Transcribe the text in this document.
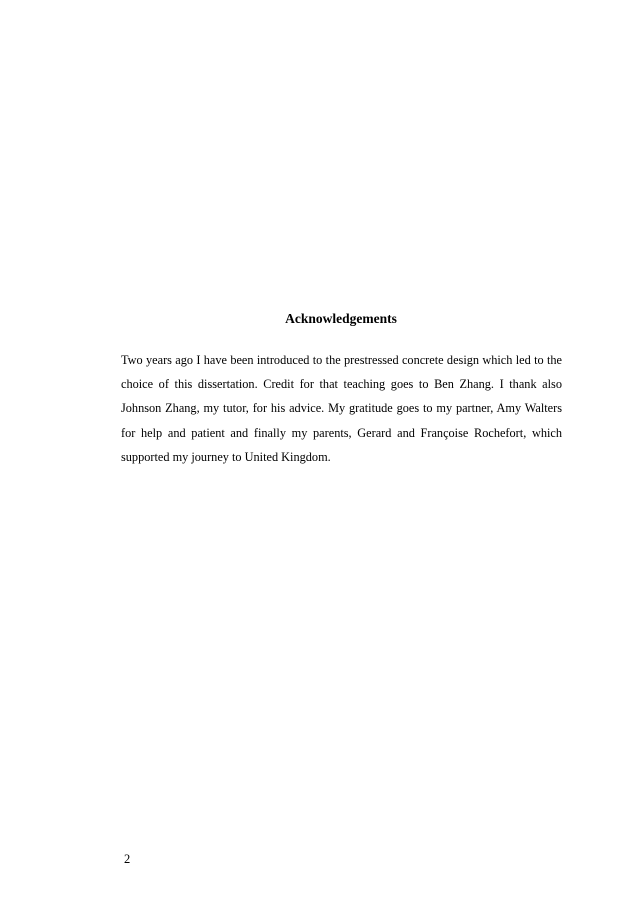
Acknowledgements

Two years ago I have been introduced to the prestressed concrete design which led to the choice of this dissertation. Credit for that teaching goes to Ben Zhang. I thank also Johnson Zhang, my tutor, for his advice. My gratitude goes to my partner, Amy Walters for help and patient and finally my parents, Gerard and Françoise Rochefort, which supported my journey to United Kingdom.

2
